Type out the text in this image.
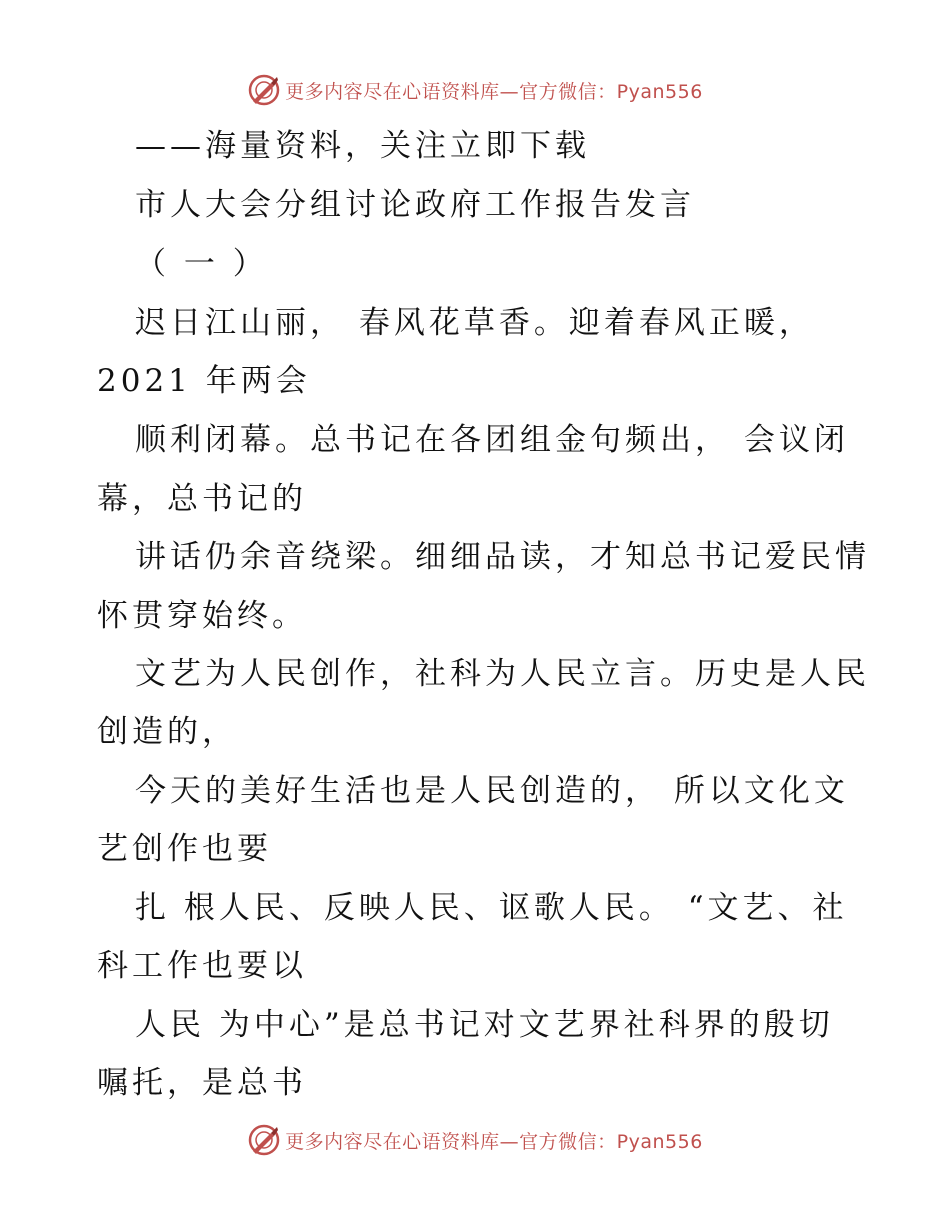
更多内容尽在心语资料库—官方微信：Pyan556
——海量资料，关注立即下载
市人大会分组讨论政府工作报告发言
（ 一 ）
迟日江山丽， 春风花草香。迎着春风正暖，
2021 年两会
顺利闭幕。总书记在各团组金句频出， 会议闭
幕，总书记的
讲话仍余音绕梁。细细品读，才知总书记爱民情
怀贯穿始终。
文艺为人民创作，社科为人民立言。历史是人民
创造的，
今天的美好生活也是人民创造的， 所以文化文
艺创作也要
扎 根人民、反映人民、讴歌人民。 “文艺、社
科工作也要以
人民 为中心”是总书记对文艺界社科界的殷切
嘱托，是总书
更多内容尽在心语资料库—官方微信：Pyan556
